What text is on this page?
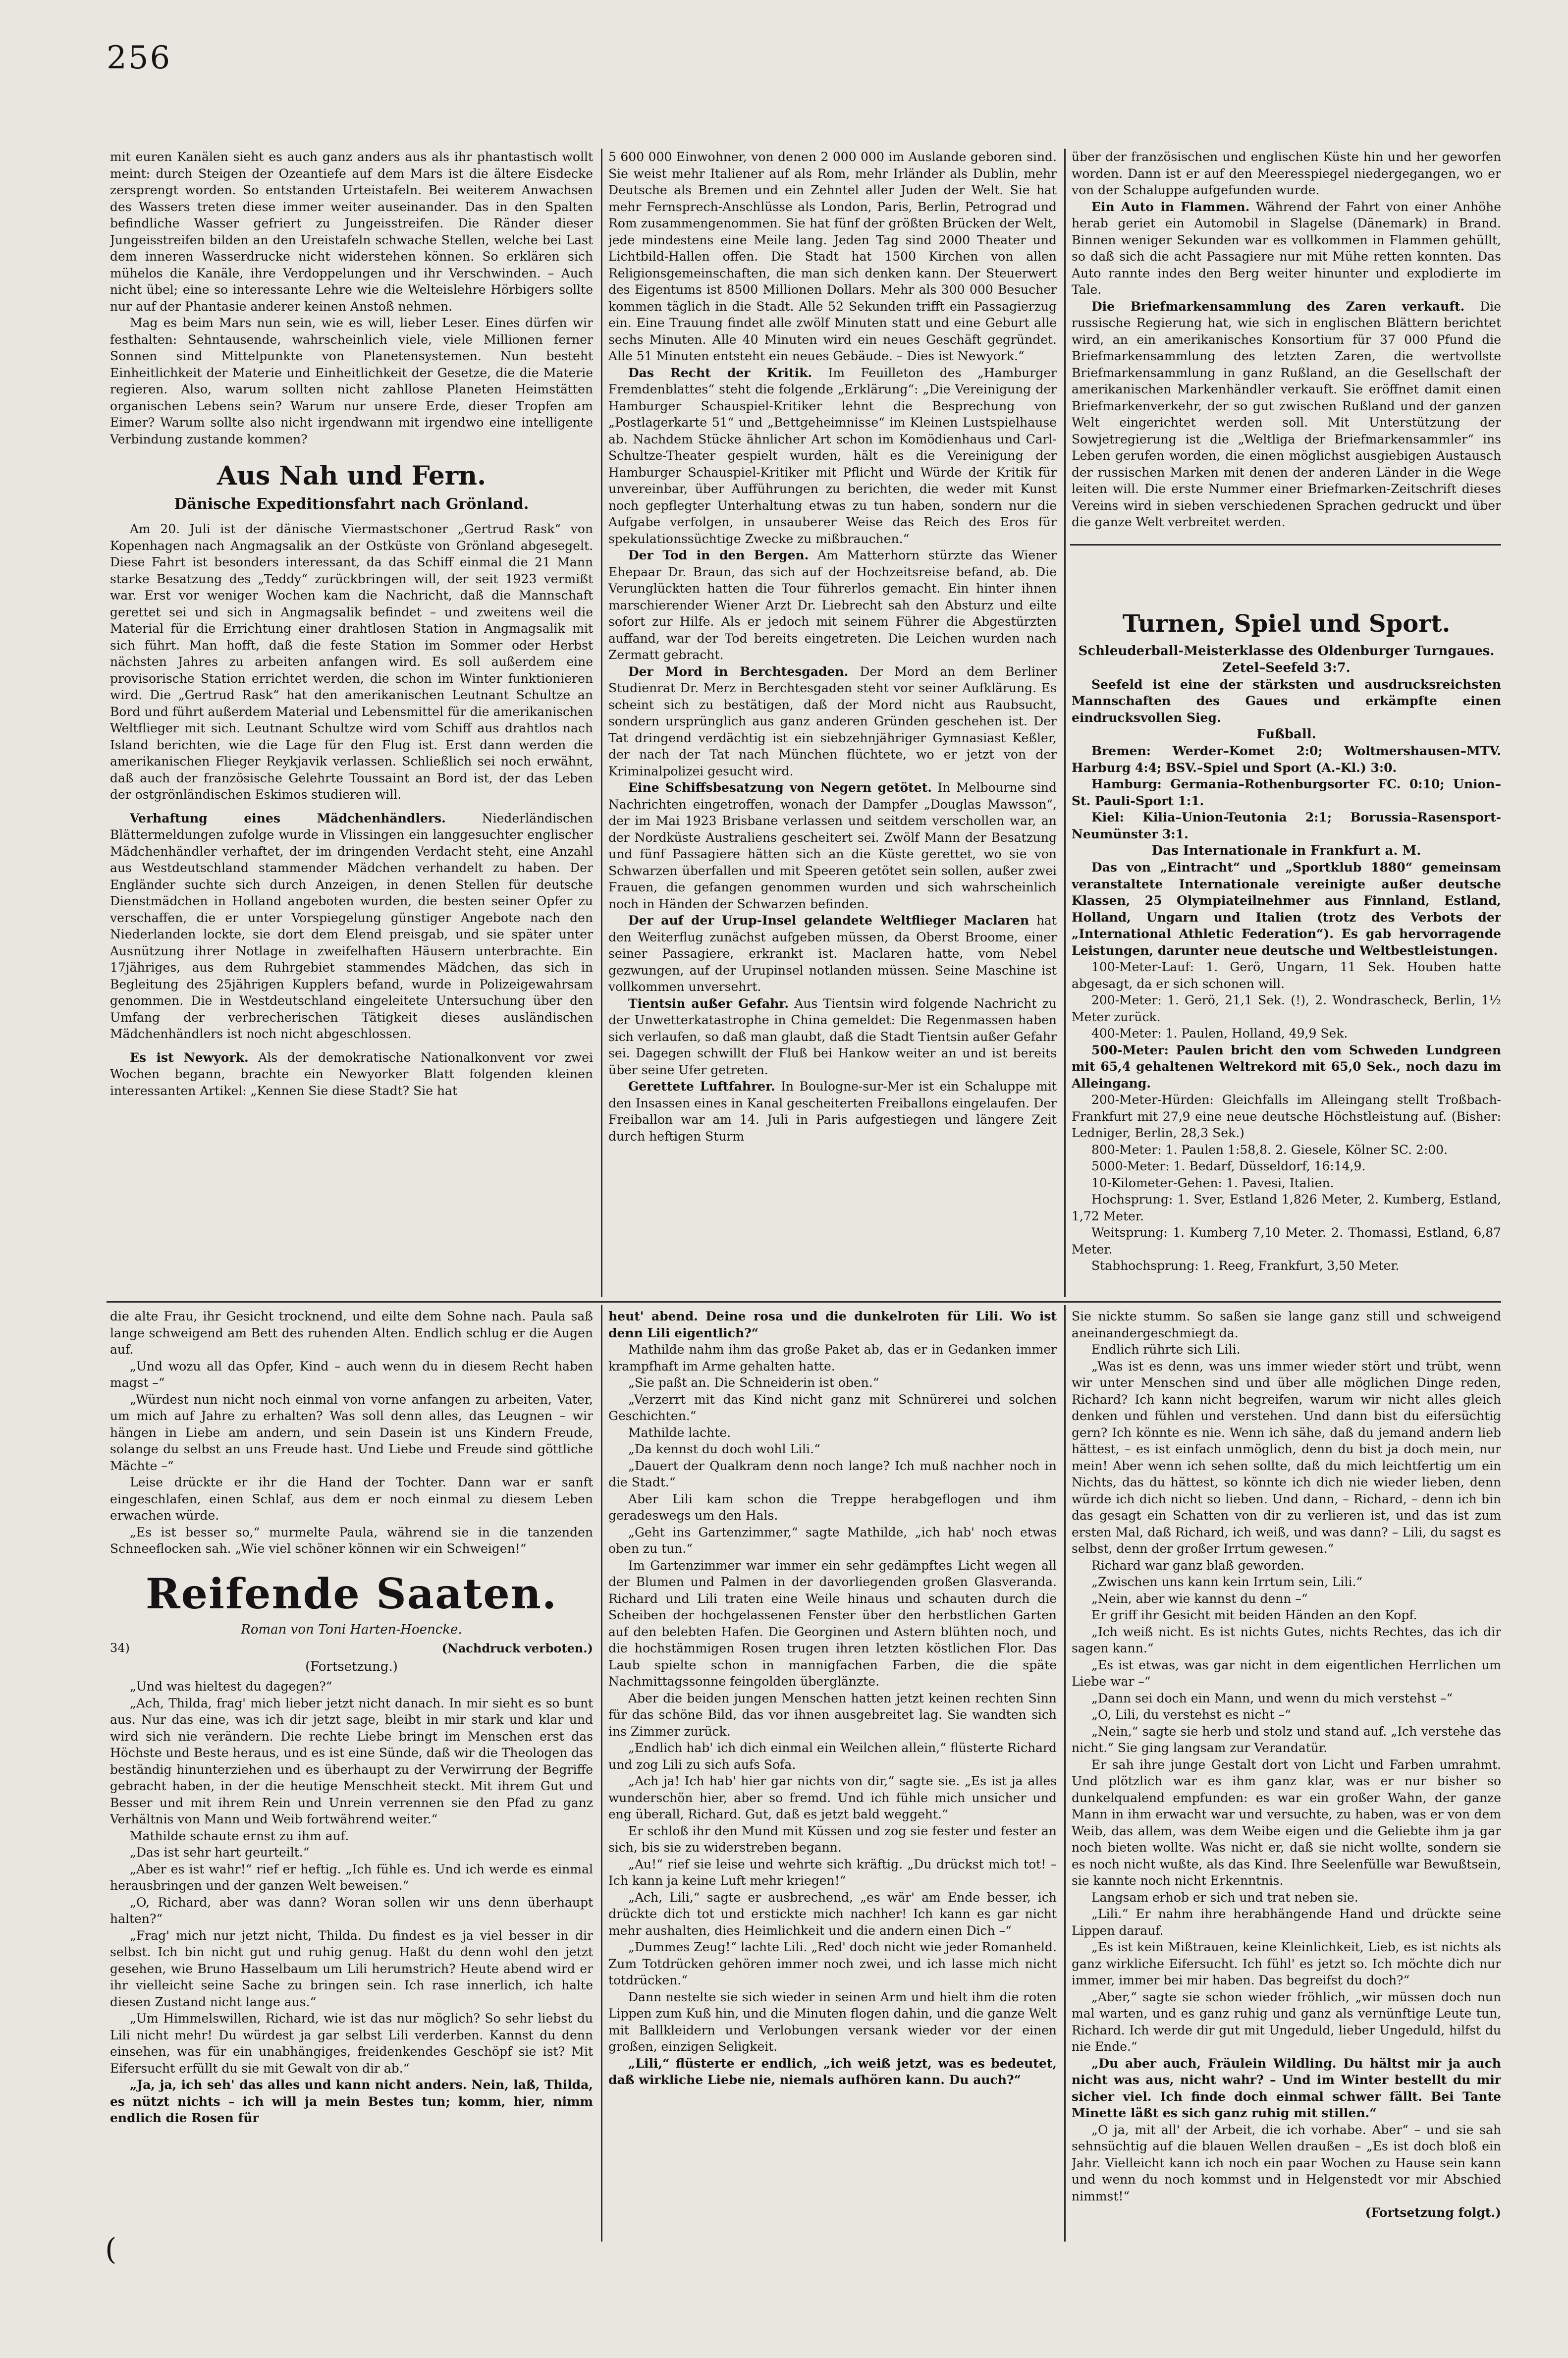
256

mit euren Kanälen sieht es auch ganz anders aus als ihr phantastisch wollt meint: durch Steigen der Ozeantiefe auf dem Mars ist die ältere Eisdecke zersprengt worden. So entstanden Urteistafeln. Bei weiterem Anwachsen des Wassers treten diese immer weiter auseinander. Das in den Spalten befindliche Wasser gefriert zu Jungeisstreifen. Die Ränder dieser Jungeisstreifen bilden an den Ureistafeln schwache Stellen, welche bei Last dem inneren Wasserdrucke nicht widerstehen können. So erklären sich mühelos die Kanäle, ihre Verdoppelungen und ihr Verschwinden. – Auch nicht übel; eine so interessante Lehre wie die Welteislehre Hörbigers sollte nur auf der Phantasie anderer keinen Anstoß nehmen.

Mag es beim Mars nun sein, wie es will, lieber Leser. Eines dürfen wir festhalten: Sehntausende, wahrscheinlich viele, viele Millionen ferner Sonnen sind Mittelpunkte von Planetensystemen. Nun besteht Einheitlichkeit der Materie und Einheitlichkeit der Gesetze, die die Materie regieren. Also, warum sollten nicht zahllose Planeten Heimstätten organischen Lebens sein? Warum nur unsere Erde, dieser Tropfen am Eimer? Warum sollte also nicht irgendwann mit irgendwo eine intelligente Verbindung zustande kommen?

Aus Nah und Fern.
Dänische Expeditionsfahrt nach Grönland.

Am 20. Juli ist der dänische Viermastschoner „Gertrud Rask“ von Kopenhagen nach Angmagsalik an der Ostküste von Grönland abgesegelt. Diese Fahrt ist besonders interessant, da das Schiff einmal die 21 Mann starke Besatzung des „Teddy“ zurückbringen will, der seit 1923 vermißt war. Erst vor weniger Wochen kam die Nachricht, daß die Mannschaft gerettet sei und sich in Angmagsalik befindet – und zweitens weil die Material für die Errichtung einer drahtlosen Station in Angmagsalik mit sich führt. Man hofft, daß die feste Station im Sommer oder Herbst nächsten Jahres zu arbeiten anfangen wird. Es soll außerdem eine provisorische Station errichtet werden, die schon im Winter funktionieren wird. Die „Gertrud Rask“ hat den amerikanischen Leutnant Schultze an Bord und führt außerdem Material und Lebensmittel für die amerikanischen Weltflieger mit sich. Leutnant Schultze wird vom Schiff aus drahtlos nach Island berichten, wie die Lage für den Flug ist. Erst dann werden die amerikanischen Flieger Reykjavik verlassen. Schließlich sei noch erwähnt, daß auch der französische Gelehrte Toussaint an Bord ist, der das Leben der ostgrönländischen Eskimos studieren will.

Verhaftung eines Mädchenhändlers.	Niederländischen Blättermeldungen zufolge wurde in Vlissingen ein langgesuchter englischer Mädchenhändler verhaftet, der im dringenden Verdacht steht, eine Anzahl aus Westdeutschland stammender Mädchen verhandelt zu haben. Der Engländer suchte sich durch Anzeigen, in denen Stellen für deutsche Dienstmädchen in Holland angeboten wurden, die besten seiner Opfer zu verschaffen, die er unter Vorspiegelung günstiger Angebote nach den Niederlanden lockte, sie dort dem Elend preisgab, und sie später unter Ausnützung ihrer Notlage in zweifelhaften Häusern unterbrachte. Ein 17jähriges, aus dem Ruhrgebiet stammendes Mädchen, das sich in Begleitung des 25jährigen Kupplers befand, wurde in Polizeigewahrsam genommen. Die in Westdeutschland eingeleitete Untersuchung über den Umfang der verbrecherischen Tätigkeit dieses ausländischen Mädchenhändlers ist noch nicht abgeschlossen.

Es ist Newyork. Als der demokratische Nationalkonvent vor zwei Wochen begann, brachte ein Newyorker Blatt folgenden kleinen interessanten Artikel: „Kennen Sie diese Stadt? Sie hat

5 600 000 Einwohner, von denen 2 000 000 im Auslande geboren sind. Sie weist mehr Italiener auf als Rom, mehr Irländer als Dublin, mehr Deutsche als Bremen und ein Zehntel aller Juden der Welt. Sie hat mehr Fernsprech-Anschlüsse als London, Paris, Berlin, Petrograd und Rom zusammengenommen. Sie hat fünf der größten Brücken der Welt, jede mindestens eine Meile lang. Jeden Tag sind 2000 Theater und Lichtbild-Hallen offen. Die Stadt hat 1500 Kirchen von allen Religionsgemeinschaften, die man sich denken kann. Der Steuerwert des Eigentums ist 8500 Millionen Dollars. Mehr als 300 000 Besucher kommen täglich in die Stadt. Alle 52 Sekunden trifft ein Passagierzug ein. Eine Trauung findet alle zwölf Minuten statt und eine Geburt alle sechs Minuten. Alle 40 Minuten wird ein neues Geschäft gegründet. Alle 51 Minuten entsteht ein neues Gebäude. – Dies ist Newyork.“

Das Recht der Kritik. Im Feuilleton des „Hamburger Fremdenblattes“ steht die folgende „Erklärung“: „Die Vereinigung der Hamburger Schauspiel-Kritiker lehnt die Besprechung von „Postlagerkarte 51“ und „Bettgeheimnisse“ im Kleinen Lustspielhause ab. Nachdem Stücke ähnlicher Art schon im Komödienhaus und Carl-Schultze-Theater gespielt wurden, hält es die Vereinigung der Hamburger Schauspiel-Kritiker mit Pflicht und Würde der Kritik für unvereinbar, über Aufführungen zu berichten, die weder mit Kunst noch gepflegter Unterhaltung etwas zu tun haben, sondern nur die Aufgabe verfolgen, in unsauberer Weise das Reich des Eros für spekulationssüchtige Zwecke zu mißbrauchen.“

Der Tod in den Bergen. Am Matterhorn stürzte das Wiener Ehepaar Dr. Braun, das sich auf der Hochzeitsreise befand, ab. Die Verunglückten hatten die Tour führerlos gemacht. Ein hinter ihnen marschierender Wiener Arzt Dr. Liebrecht sah den Absturz und eilte sofort zur Hilfe. Als er jedoch mit seinem Führer die Abgestürzten auffand, war der Tod bereits eingetreten. Die Leichen wurden nach Zermatt gebracht.

Der Mord in Berchtesgaden. Der Mord an dem Berliner Studienrat Dr. Merz in Berchtesgaden steht vor seiner Aufklärung. Es scheint sich zu bestätigen, daß der Mord nicht aus Raubsucht, sondern ursprünglich aus ganz anderen Gründen geschehen ist. Der Tat dringend verdächtig ist ein siebzehnjähriger Gymnasiast Keßler, der nach der Tat nach München flüchtete, wo er jetzt von der Kriminalpolizei gesucht wird.

Eine Schiffsbesatzung von Negern getötet. In Melbourne sind Nachrichten eingetroffen, wonach der Dampfer „Douglas Mawsson“, der im Mai 1923 Brisbane verlassen und seitdem verschollen war, an der Nordküste Australiens gescheitert sei. Zwölf Mann der Besatzung und fünf Passagiere hätten sich an die Küste gerettet, wo sie von Schwarzen überfallen und mit Speeren getötet sein sollen, außer zwei Frauen, die gefangen genommen wurden und sich wahrscheinlich noch in Händen der Schwarzen befinden.

Der auf der Urup-Insel gelandete Weltflieger Maclaren hat den Weiterflug zunächst aufgeben müssen, da Oberst Broome, einer seiner Passagiere, erkrankt ist. Maclaren hatte, vom Nebel gezwungen, auf der Urupinsel notlanden müssen. Seine Maschine ist vollkommen unversehrt.

Tientsin außer Gefahr. Aus Tientsin wird folgende Nachricht zu der Unwetterkatastrophe in China gemeldet: Die Regenmassen haben sich verlaufen, so daß man glaubt, daß die Stadt Tientsin außer Gefahr sei. Dagegen schwillt der Fluß bei Hankow weiter an und ist bereits über seine Ufer getreten.

Gerettete Luftfahrer. In Boulogne-sur-Mer ist ein Schaluppe mit den Insassen eines in Kanal gescheiterten Freiballons eingelaufen. Der Freiballon war am 14. Juli in Paris aufgestiegen und längere Zeit durch heftigen Sturm

über der französischen und englischen Küste hin und her geworfen worden. Dann ist er auf den Meeresspiegel niedergegangen, wo er von der Schaluppe aufgefunden wurde.

Ein Auto in Flammen. Während der Fahrt von einer Anhöhe herab geriet ein Automobil in Slagelse (Dänemark) in Brand. Binnen weniger Sekunden war es vollkommen in Flammen gehüllt, so daß sich die acht Passagiere nur mit Mühe retten konnten. Das Auto rannte indes den Berg weiter hinunter und explodierte im Tale.

Die Briefmarkensammlung des Zaren verkauft. Die russische Regierung hat, wie sich in englischen Blättern berichtet wird, an ein amerikanisches Konsortium für 37 000 Pfund die Briefmarkensammlung des letzten Zaren, die wertvollste Briefmarkensammlung in ganz Rußland, an die Gesellschaft der amerikanischen Markenhändler verkauft. Sie eröffnet damit einen Briefmarkenverkehr, der so gut zwischen Rußland und der ganzen Welt eingerichtet werden soll. Mit Unterstützung der Sowjetregierung ist die „Weltliga der Briefmarkensammler“ ins Leben gerufen worden, die einen möglichst ausgiebigen Austausch der russischen Marken mit denen der anderen Länder in die Wege leiten will. Die erste Nummer einer Briefmarken-Zeitschrift dieses Vereins wird in sieben verschiedenen Sprachen gedruckt und über die ganze Welt verbreitet werden.

Turnen, Spiel und Sport.
Schleuderball-Meisterklasse des Oldenburger Turngaues.
Zetel–Seefeld 3:7.

Seefeld ist eine der stärksten und ausdrucksreichsten Mannschaften des Gaues und erkämpfte einen eindrucksvollen Sieg.

Fußball.

Bremen: Werder–Komet 2:0; Woltmershausen–MTV. Harburg 4:4; BSV.–Spiel und Sport (A.-Kl.) 3:0.

Hamburg: Germania–Rothenburgsorter FC. 0:10; Union–St. Pauli-Sport 1:1.

Kiel: Kilia–Union-Teutonia 2:1; Borussia–Rasensport-Neumünster 3:1.

Das Internationale in Frankfurt a. M.

Das von „Eintracht“ und „Sportklub 1880“ gemeinsam veranstaltete Internationale vereinigte außer deutsche Klassen, 25 Olympiateilnehmer aus Finnland, Estland, Holland, Ungarn und Italien (trotz des Verbots der „International Athletic Federation“). Es gab hervorragende Leistungen, darunter neue deutsche und Weltbestleistungen.

100-Meter-Lauf: 1. Gerö, Ungarn, 11 Sek. Houben hatte abgesagt, da er sich schonen will.

200-Meter: 1. Gerö, 21,1 Sek. (!), 2. Wondrascheck, Berlin, 1½ Meter zurück.

400-Meter: 1. Paulen, Holland, 49,9 Sek.

500-Meter: Paulen bricht den vom Schweden Lundgreen mit 65,4 gehaltenen Weltrekord mit 65,0 Sek., noch dazu im Alleingang.

200-Meter-Hürden: Gleichfalls im Alleingang stellt Troßbach-Frankfurt mit 27,9 eine neue deutsche Höchstleistung auf. (Bisher: Ledniger, Berlin, 28,3 Sek.)

800-Meter: 1. Paulen 1:58,8. 2. Giesele, Kölner SC. 2:00.

5000-Meter: 1. Bedarf, Düsseldorf, 16:14,9.

10-Kilometer-Gehen: 1. Pavesi, Italien.

Hochsprung: 1. Sver, Estland 1,826 Meter, 2. Kumberg, Estland, 1,72 Meter.

Weitsprung: 1. Kumberg 7,10 Meter. 2. Thomassi, Estland, 6,87 Meter.

Stabhochsprung: 1. Reeg, Frankfurt, 3,50 Meter.

die alte Frau, ihr Gesicht trocknend, und eilte dem Sohne nach. Paula saß lange schweigend am Bett des ruhenden Alten. Endlich schlug er die Augen auf.

„Und wozu all das Opfer, Kind – auch wenn du in diesem Recht haben magst –“

„Würdest nun nicht noch einmal von vorne anfangen zu arbeiten, Vater, um mich auf Jahre zu erhalten? Was soll denn alles, das Leugnen – wir hängen in Liebe am andern, und sein Dasein ist uns Kindern Freude, solange du selbst an uns Freude hast. Und Liebe und Freude sind göttliche Mächte –“

Leise drückte er ihr die Hand der Tochter. Dann war er sanft eingeschlafen, einen Schlaf, aus dem er noch einmal zu diesem Leben erwachen würde.

„Es ist besser so,“ murmelte Paula, während sie in die tanzenden Schneeflocken sah. „Wie viel schöner können wir ein Schweigen!“

Reifende Saaten.
Roman von Toni Harten-Hoencke.
34)	(Nachdruck verboten.)
(Fortsetzung.)

„Und was hieltest du dagegen?“

„Ach, Thilda, frag' mich lieber jetzt nicht danach. In mir sieht es so bunt aus. Nur das eine, was ich dir jetzt sage, bleibt in mir stark und klar und wird sich nie verändern. Die rechte Liebe bringt im Menschen erst das Höchste und Beste heraus, und es ist eine Sünde, daß wir die Theologen das beständig hinunterziehen und es überhaupt zu der Verwirrung der Begriffe gebracht haben, in der die heutige Menschheit steckt. Mit ihrem Gut und Besser und mit ihrem Rein und Unrein verrennen sie den Pfad zu ganz Verhältnis von Mann und Weib fortwährend weiter.“

Mathilde schaute ernst zu ihm auf.

„Das ist sehr hart geurteilt.“

„Aber es ist wahr!“ rief er heftig. „Ich fühle es. Und ich werde es einmal herausbringen und der ganzen Welt beweisen.“

„O, Richard, aber was dann? Woran sollen wir uns denn überhaupt halten?“

„Frag' mich nur jetzt nicht, Thilda. Du findest es ja viel besser in dir selbst. Ich bin nicht gut und ruhig genug. Haßt du denn wohl den jetzt gesehen, wie Bruno Hasselbaum um Lili herumstrich? Heute abend wird er ihr vielleicht seine Sache zu bringen sein. Ich rase innerlich, ich halte diesen Zustand nicht lange aus.“

„Um Himmelswillen, Richard, wie ist das nur möglich? So sehr liebst du Lili nicht mehr! Du würdest ja gar selbst Lili verderben. Kannst du denn einsehen, was für ein unabhängiges, freidenkendes Geschöpf sie ist? Mit Eifersucht erfüllt du sie mit Gewalt von dir ab.“

„Ja, ja, ich seh' das alles und kann nicht anders. Nein, laß, Thilda, es nützt nichts – ich will ja mein Bestes tun; komm, hier, nimm endlich die Rosen für

heut' abend. Deine rosa und die dunkelroten für Lili. Wo ist denn Lili eigentlich?“

Mathilde nahm ihm das große Paket ab, das er in Gedanken immer krampfhaft im Arme gehalten hatte.

„Sie paßt an. Die Schneiderin ist oben.“

„Verzerrt mit das Kind nicht ganz mit Schnürerei und solchen Geschichten.“

Mathilde lachte.

„Da kennst du doch wohl Lili.“

„Dauert der Qualkram denn noch lange? Ich muß nachher noch in die Stadt.“

Aber Lili kam schon die Treppe herabgeflogen und ihm geradeswegs um den Hals.

„Geht ins Gartenzimmer,“ sagte Mathilde, „ich hab' noch etwas oben zu tun.“

Im Gartenzimmer war immer ein sehr gedämpftes Licht wegen all der Blumen und Palmen in der davorliegenden großen Glasveranda. Richard und Lili traten eine Weile hinaus und schauten durch die Scheiben der hochgelassenen Fenster über den herbstlichen Garten auf den belebten Hafen. Die Georginen und Astern blühten noch, und die hochstämmigen Rosen trugen ihren letzten köstlichen Flor. Das Laub spielte schon in mannigfachen Farben, die die späte Nachmittagssonne feingolden überglänzte.

Aber die beiden jungen Menschen hatten jetzt keinen rechten Sinn für das schöne Bild, das vor ihnen ausgebreitet lag. Sie wandten sich ins Zimmer zurück.

„Endlich hab' ich dich einmal ein Weilchen allein,“ flüsterte Richard und zog Lili zu sich aufs Sofa.

„Ach ja! Ich hab' hier gar nichts von dir,“ sagte sie. „Es ist ja alles wunderschön hier, aber so fremd. Und ich fühle mich unsicher und eng überall, Richard. Gut, daß es jetzt bald weggeht.“

Er schloß ihr den Mund mit Küssen und zog sie fester und fester an sich, bis sie zu widerstreben begann.

„Au!“ rief sie leise und wehrte sich kräftig. „Du drückst mich tot! – Ich kann ja keine Luft mehr kriegen!“

„Ach, Lili,“ sagte er ausbrechend, „es wär' am Ende besser, ich drückte dich tot und erstickte mich nachher! Ich kann es gar nicht mehr aushalten, dies Heimlichkeit und die andern einen Dich –“

„Dummes Zeug!“ lachte Lili. „Red' doch nicht wie jeder Romanheld. Zum Totdrücken gehören immer noch zwei, und ich lasse mich nicht totdrücken.“

Dann nestelte sie sich wieder in seinen Arm und hielt ihm die roten Lippen zum Kuß hin, und die Minuten flogen dahin, und die ganze Welt mit Ballkleidern und Verlobungen versank wieder vor der einen großen, einzigen Seligkeit.

„Lili,“ flüsterte er endlich, „ich weiß jetzt, was es bedeutet, daß wirkliche Liebe nie, niemals aufhören kann. Du auch?“

Sie nickte stumm. So saßen sie lange ganz still und schweigend aneinandergeschmiegt da.

Endlich rührte sich Lili.

„Was ist es denn, was uns immer wieder stört und trübt, wenn wir unter Menschen sind und über alle möglichen Dinge reden, Richard? Ich kann nicht begreifen, warum wir nicht alles gleich denken und fühlen und verstehen. Und dann bist du eifersüchtig gern? Ich könnte es nie. Wenn ich sähe, daß du jemand andern lieb hättest, – es ist einfach unmöglich, denn du bist ja doch mein, nur mein! Aber wenn ich sehen sollte, daß du mich leichtfertig um ein Nichts, das du hättest, so könnte ich dich nie wieder lieben, denn würde ich dich nicht so lieben. Und dann, – Richard, – denn ich bin das gesagt ein Schatten von dir zu verlieren ist, und das ist zum ersten Mal, daß Richard, ich weiß, und was dann? – Lili, du sagst es selbst, denn der großer Irrtum gewesen.“

Richard war ganz blaß geworden.

„Zwischen uns kann kein Irrtum sein, Lili.“

„Nein, aber wie kannst du denn –“

Er griff ihr Gesicht mit beiden Händen an den Kopf.

„Ich weiß nicht. Es ist nichts Gutes, nichts Rechtes, das ich dir sagen kann.“

„Es ist etwas, was gar nicht in dem eigentlichen Herrlichen um Liebe war –“

„Dann sei doch ein Mann, und wenn du mich verstehst –“

„O, Lili, du verstehst es nicht –“

„Nein,“ sagte sie herb und stolz und stand auf. „Ich verstehe das nicht.“ Sie ging langsam zur Verandatür.

Er sah ihre junge Gestalt dort von Licht und Farben umrahmt. Und plötzlich war es ihm ganz klar, was er nur bisher so dunkelqualend empfunden: es war ein großer Wahn, der ganze Mann in ihm erwacht war und versuchte, zu haben, was er von dem Weib, das allem, was dem Weibe eigen und die Geliebte ihm ja gar noch bieten wollte. Was nicht er, daß sie nicht wollte, sondern sie es noch nicht wußte, als das Kind. Ihre Seelenfülle war Bewußtsein, sie kannte noch nicht Erkenntnis.

Langsam erhob er sich und trat neben sie.

„Lili.“ Er nahm ihre herabhängende Hand und drückte seine Lippen darauf.

„Es ist kein Mißtrauen, keine Kleinlichkeit, Lieb, es ist nichts als ganz wirkliche Eifersucht. Ich fühl' es jetzt so. Ich möchte dich nur immer, immer bei mir haben. Das begreifst du doch?“

„Aber,“ sagte sie schon wieder fröhlich, „wir müssen doch nun mal warten, und es ganz ruhig und ganz als vernünftige Leute tun, Richard. Ich werde dir gut mit Ungeduld, lieber Ungeduld, hilfst du nie Ende.“

„Du aber auch, Fräulein Wildling. Du hältst mir ja auch nicht was aus, nicht wahr? – Und im Winter bestellt du mir sicher viel. Ich finde doch einmal schwer fällt. Bei Tante Minette läßt es sich ganz ruhig mit stillen.“

„O ja, mit all' der Arbeit, die ich vorhabe. Aber“ – und sie sah sehnsüchtig auf die blauen Wellen draußen – „Es ist doch bloß ein Jahr. Vielleicht kann ich noch ein paar Wochen zu Hause sein kann und wenn du noch kommst und in Helgenstedt vor mir Abschied nimmst!“

(Fortsetzung folgt.)
(
